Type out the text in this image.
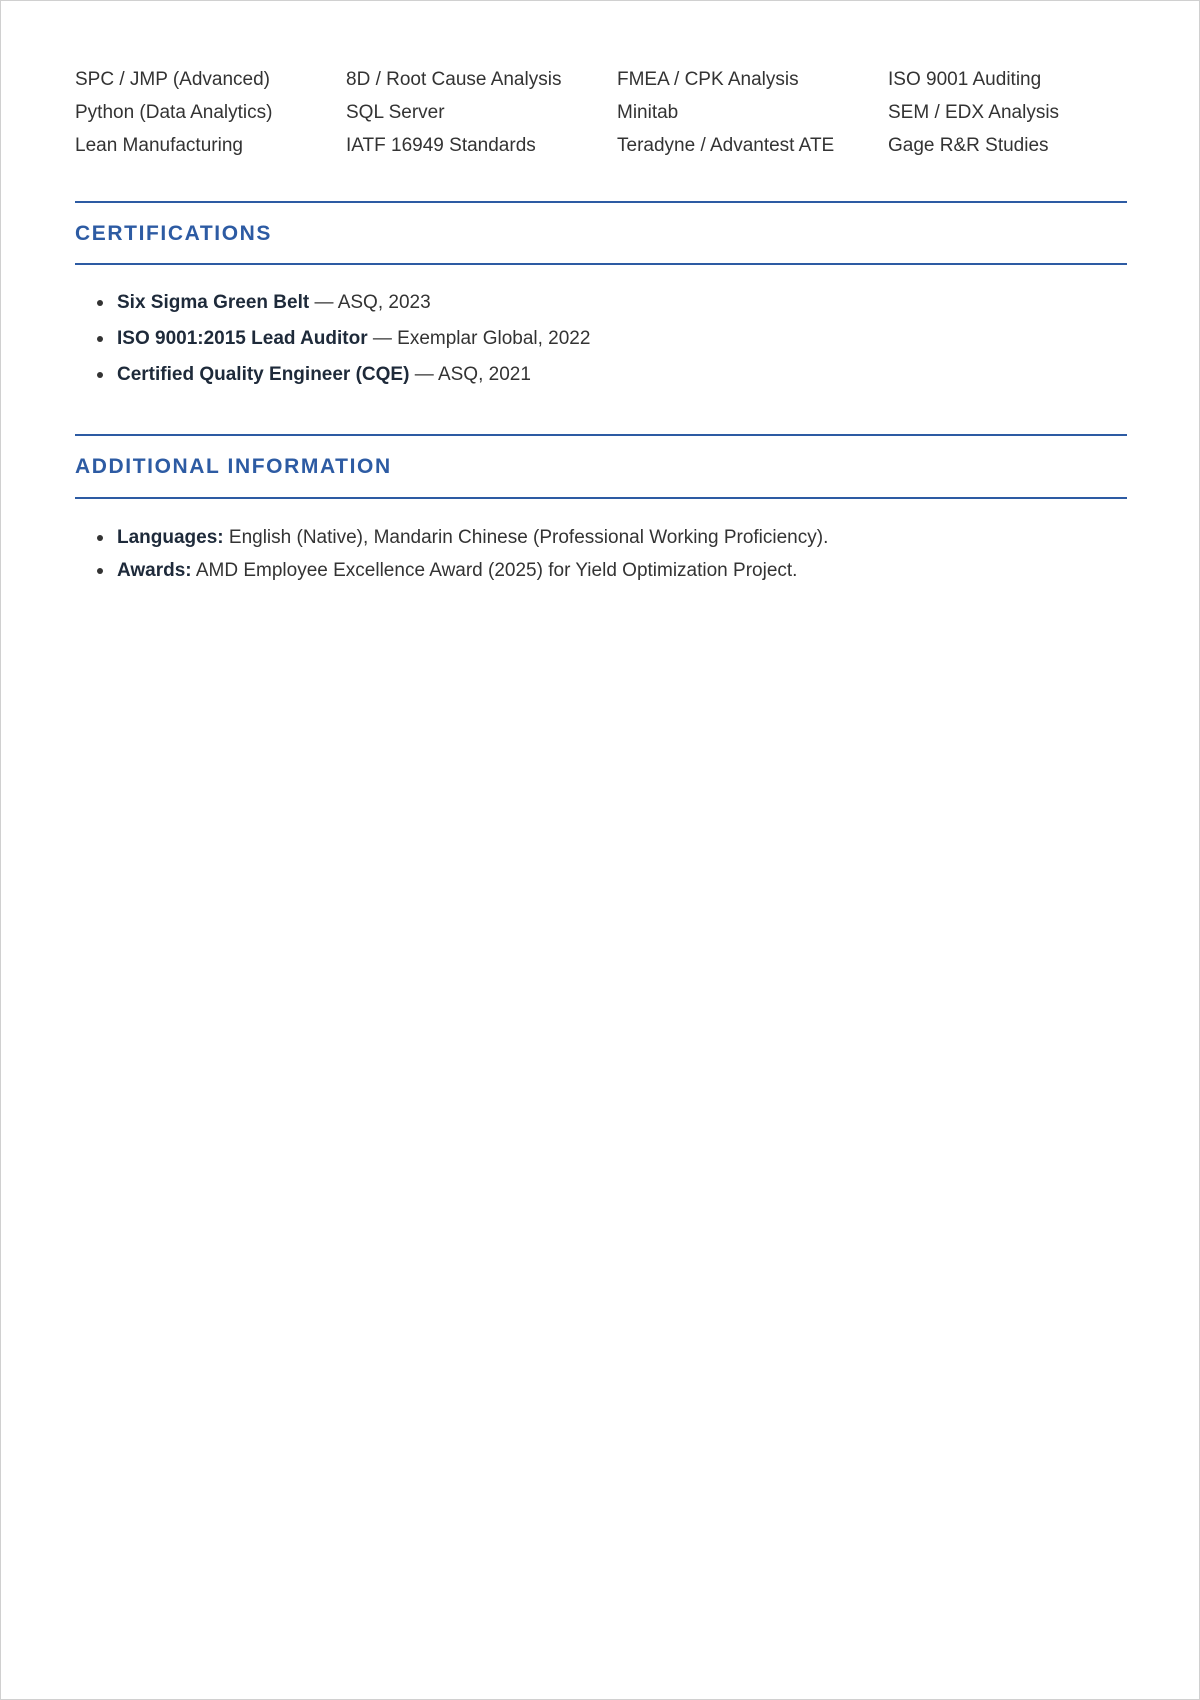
SPC / JMP (Advanced)	8D / Root Cause Analysis	FMEA / CPK Analysis	ISO 9001 Auditing
Python (Data Analytics)	SQL Server	Minitab	SEM / EDX Analysis
Lean Manufacturing	IATF 16949 Standards	Teradyne / Advantest ATE	Gage R&R Studies
CERTIFICATIONS
Six Sigma Green Belt — ASQ, 2023
ISO 9001:2015 Lead Auditor — Exemplar Global, 2022
Certified Quality Engineer (CQE) — ASQ, 2021
ADDITIONAL INFORMATION
Languages: English (Native), Mandarin Chinese (Professional Working Proficiency).
Awards: AMD Employee Excellence Award (2025) for Yield Optimization Project.
